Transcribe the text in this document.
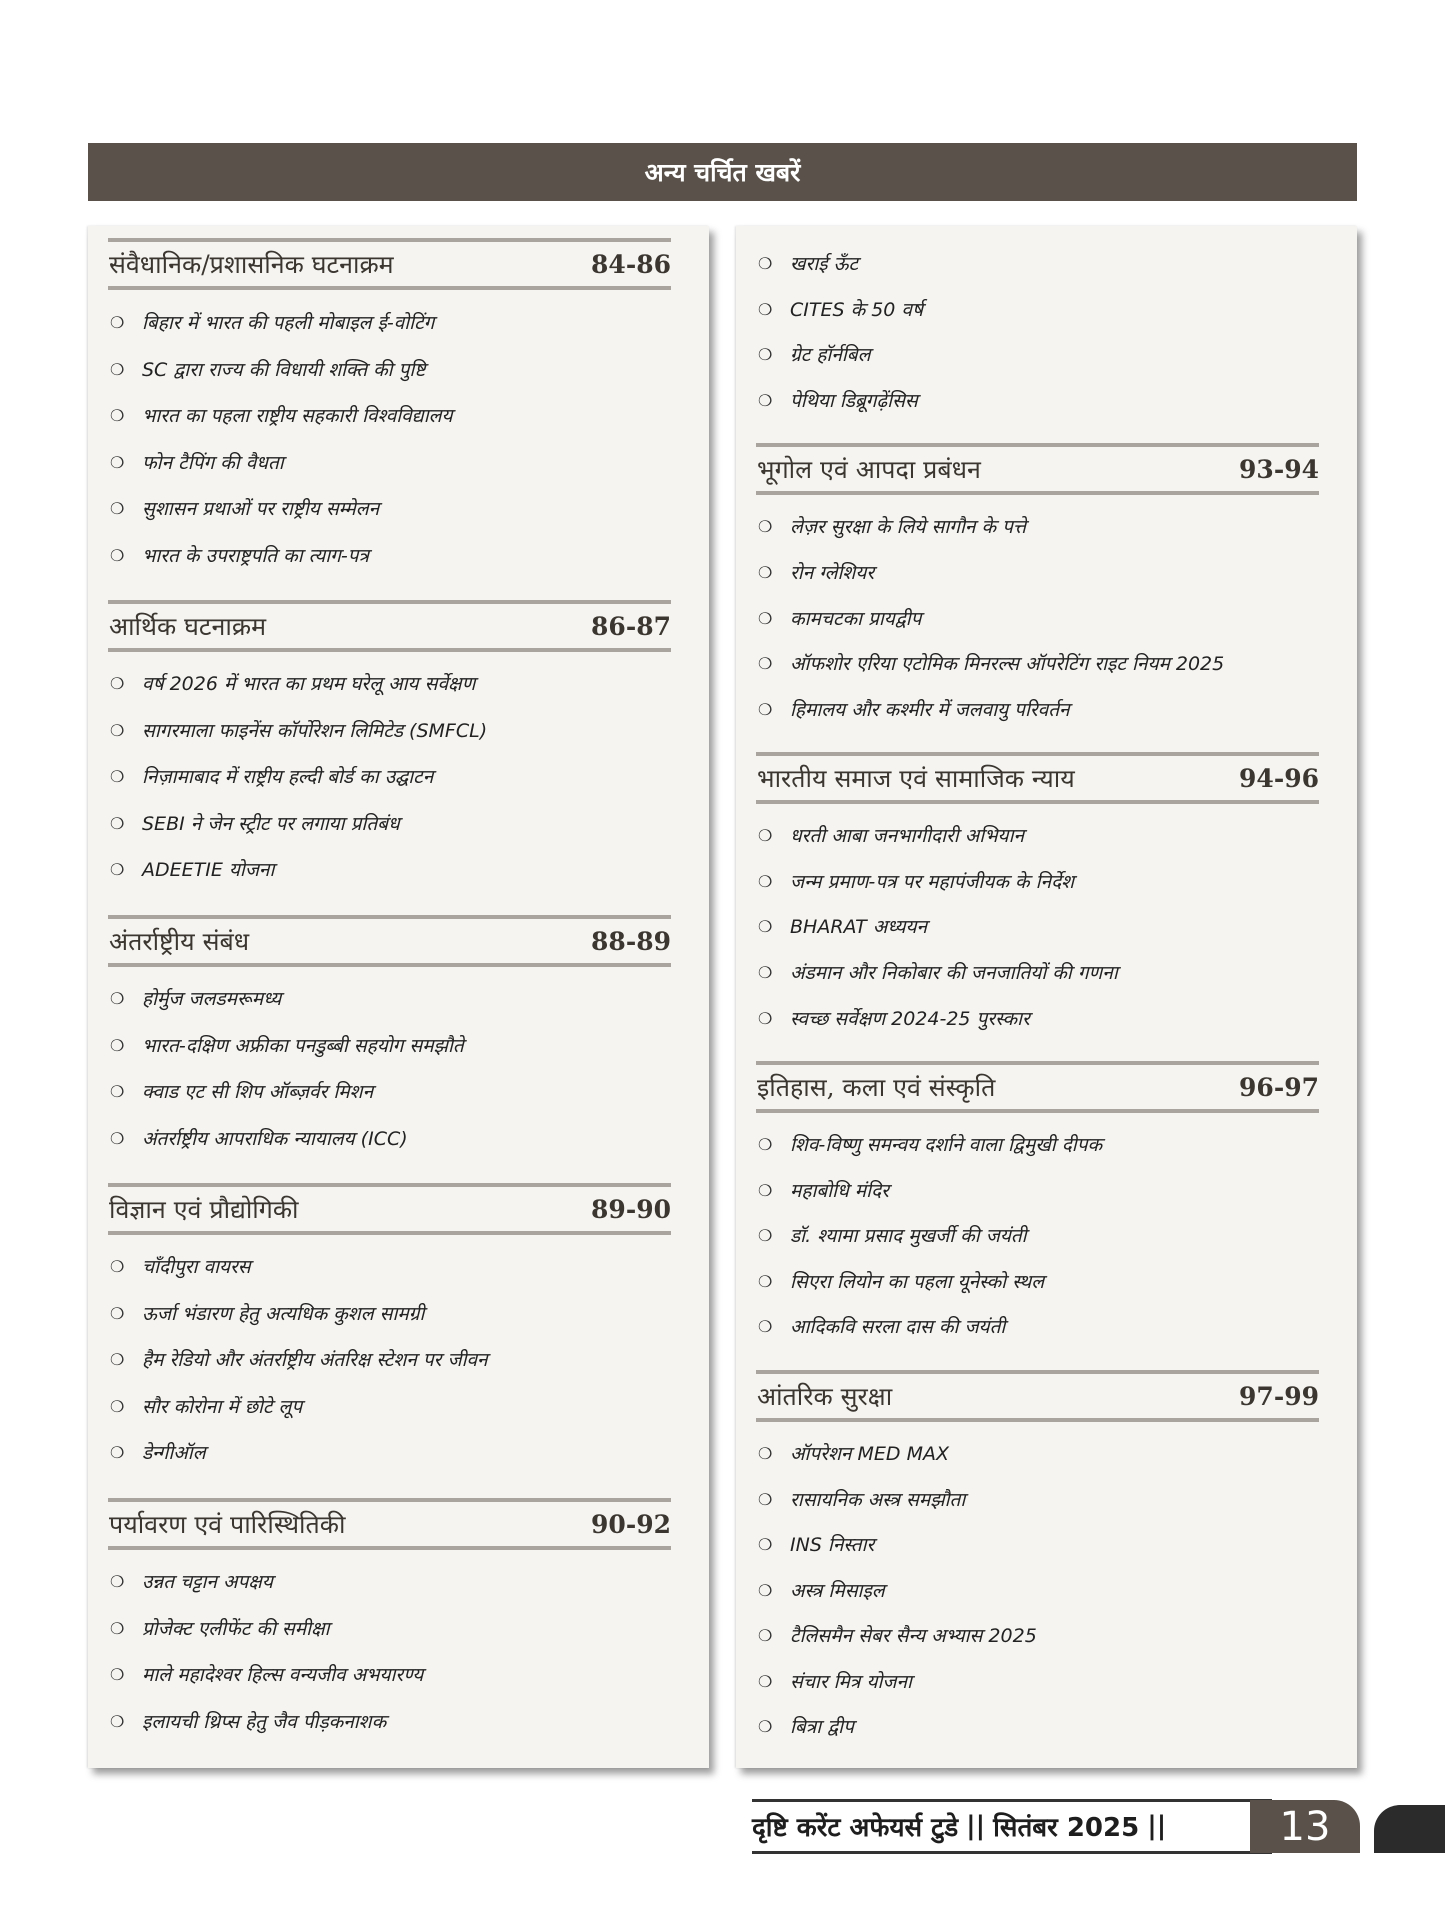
अन्य चर्चित खबरें
संवैधानिक/प्रशासनिक घटनाक्रम	84-86
❍ बिहार में भारत की पहली मोबाइल ई-वोटिंग
❍ SC द्वारा राज्य की विधायी शक्ति की पुष्टि
❍ भारत का पहला राष्ट्रीय सहकारी विश्वविद्यालय
❍ फोन टैपिंग की वैधता
❍ सुशासन प्रथाओं पर राष्ट्रीय सम्मेलन
❍ भारत के उपराष्ट्रपति का त्याग-पत्र
आर्थिक घटनाक्रम	86-87
❍ वर्ष 2026 में भारत का प्रथम घरेलू आय सर्वेक्षण
❍ सागरमाला फाइनेंस कॉर्पोरेशन लिमिटेड (SMFCL)
❍ निज़ामाबाद में राष्ट्रीय हल्दी बोर्ड का उद्घाटन
❍ SEBI ने जेन स्ट्रीट पर लगाया प्रतिबंध
❍ ADEETIE योजना
अंतर्राष्ट्रीय संबंध	88-89
❍ होर्मुज जलडमरूमध्य
❍ भारत-दक्षिण अफ्रीका पनडुब्बी सहयोग समझौते
❍ क्वाड एट सी शिप ऑब्ज़र्वर मिशन
❍ अंतर्राष्ट्रीय आपराधिक न्यायालय (ICC)
विज्ञान एवं प्रौद्योगिकी	89-90
❍ चाँदीपुरा वायरस
❍ ऊर्जा भंडारण हेतु अत्यधिक कुशल सामग्री
❍ हैम रेडियो और अंतर्राष्ट्रीय अंतरिक्ष स्टेशन पर जीवन
❍ सौर कोरोना में छोटे लूप
❍ डेन्गीऑल
पर्यावरण एवं पारिस्थितिकी	90-92
❍ उन्नत चट्टान अपक्षय
❍ प्रोजेक्ट एलीफेंट की समीक्षा
❍ माले महादेश्वर हिल्स वन्यजीव अभयारण्य
❍ इलायची थ्रिप्स हेतु जैव पीड़कनाशक
❍ खराई ऊँट
❍ CITES के 50 वर्ष
❍ ग्रेट हॉर्नबिल
❍ पेथिया डिब्रूगढ़ेंसिस
भूगोल एवं आपदा प्रबंधन	93-94
❍ लेज़र सुरक्षा के लिये सागौन के पत्ते
❍ रोन ग्लेशियर
❍ कामचटका प्रायद्वीप
❍ ऑफशोर एरिया एटोमिक मिनरल्स ऑपरेटिंग राइट नियम 2025
❍ हिमालय और कश्मीर में जलवायु परिवर्तन
भारतीय समाज एवं सामाजिक न्याय	94-96
❍ धरती आबा जनभागीदारी अभियान
❍ जन्म प्रमाण-पत्र पर महापंजीयक के निर्देश
❍ BHARAT अध्ययन
❍ अंडमान और निकोबार की जनजातियों की गणना
❍ स्वच्छ सर्वेक्षण 2024-25 पुरस्कार
इतिहास, कला एवं संस्कृति	96-97
❍ शिव-विष्णु समन्वय दर्शाने वाला द्विमुखी दीपक
❍ महाबोधि मंदिर
❍ डॉ. श्यामा प्रसाद मुखर्जी की जयंती
❍ सिएरा लियोन का पहला यूनेस्को स्थल
❍ आदिकवि सरला दास की जयंती
आंतरिक सुरक्षा	97-99
❍ ऑपरेशन MED MAX
❍ रासायनिक अस्त्र समझौता
❍ INS निस्तार
❍ अस्त्र मिसाइल
❍ टैलिसमैन सेबर सैन्य अभ्यास 2025
❍ संचार मित्र योजना
❍ बित्रा द्वीप
दृष्टि करेंट अफेयर्स टुडे || सितंबर 2025 ||	13
